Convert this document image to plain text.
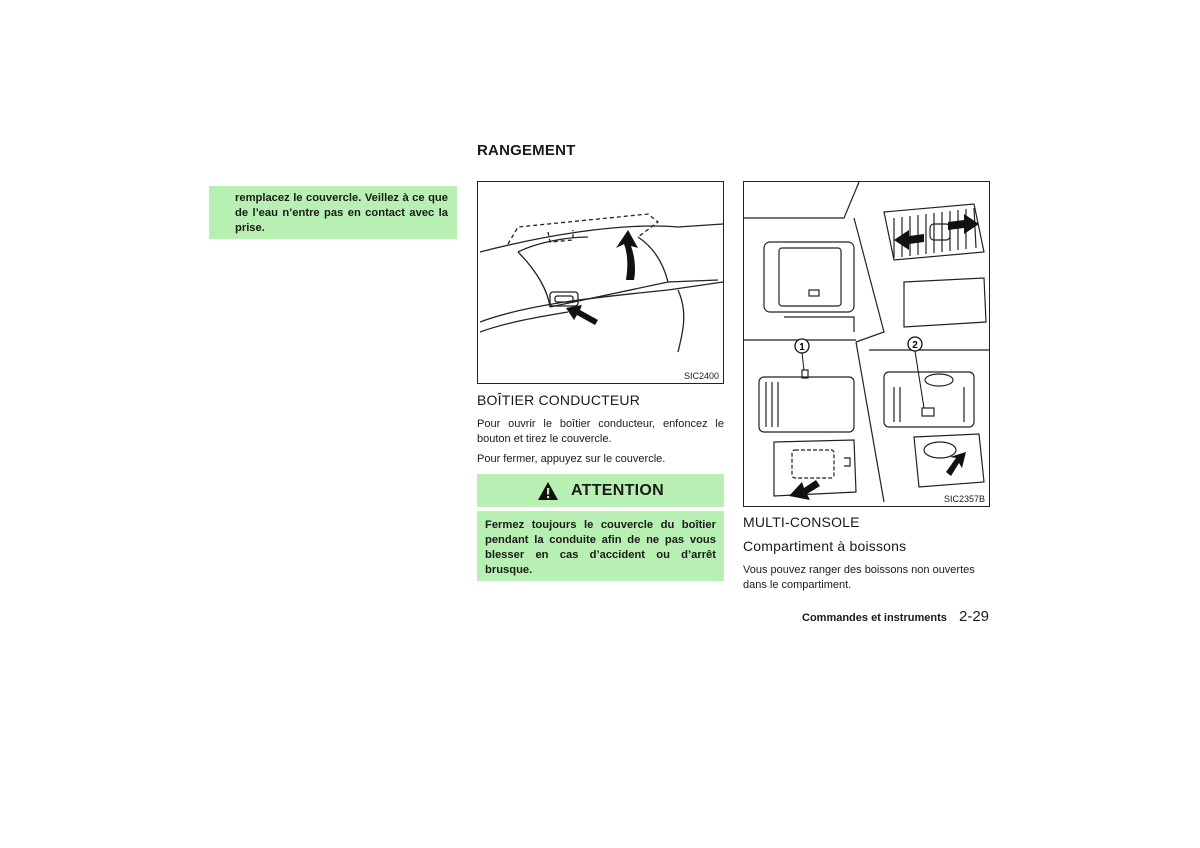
RANGEMENT
remplacez le couvercle. Veillez à ce que de l’eau n’entre pas en contact avec la prise.
SIC2400
BOÎTIER CONDUCTEUR
Pour ouvrir le boîtier conducteur, enfoncez le bouton et tirez le couvercle.
Pour fermer, appuyez sur le couvercle.
ATTENTION
Fermez toujours le couvercle du boîtier pendant la conduite afin de ne pas vous blesser en cas d’accident ou d’arrêt brusque.
1	2
SIC2357B
MULTI-CONSOLE
Compartiment à boissons
Vous pouvez ranger des boissons non ouvertes dans le compartiment.
Commandes et instruments 2-29
